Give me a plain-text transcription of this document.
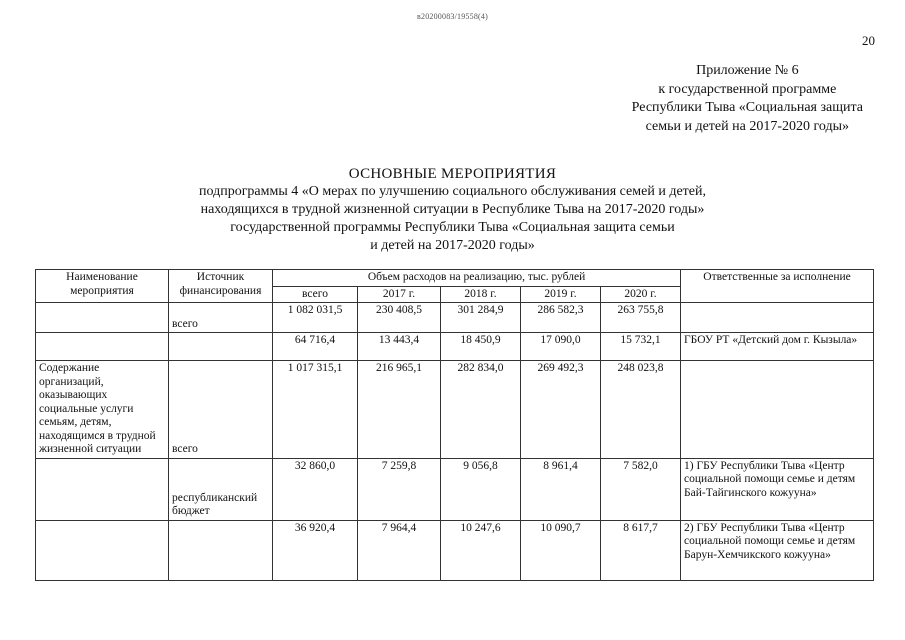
в20200083/19558(4)
20
Приложение № 6
к государственной программе
Республики Тыва «Социальная защита
семьи и детей на 2017-2020 годы»
ОСНОВНЫЕ МЕРОПРИЯТИЯ
подпрограммы 4 «О мерах по улучшению социального обслуживания семей и детей,
находящихся в трудной жизненной ситуации в Республике Тыва на 2017-2020 годы»
государственной программы Республики Тыва «Социальная защита семьи
и детей на 2017-2020 годы»
Наименование мероприятия	Источник финансирования	Объем расходов на реализацию, тыс. рублей					Ответственные за исполнение
		всего	2017 г.	2018 г.	2019 г.	2020 г.	
	всего	1 082 031,5	230 408,5	301 284,9	286 582,3	263 755,8	
		64 716,4	13 443,4	18 450,9	17 090,0	15 732,1	ГБОУ РТ «Детский дом г. Кызыла»
Содержание организаций, оказывающих социальные услуги семьям, детям, находящимся в трудной жизненной ситуации	всего	1 017 315,1	216 965,1	282 834,0	269 492,3	248 023,8	
	республиканский бюджет	32 860,0	7 259,8	9 056,8	8 961,4	7 582,0	1) ГБУ Республики Тыва «Центр социальной помощи семье и детям Бай-Тайгинского кожууна»
		36 920,4	7 964,4	10 247,6	10 090,7	8 617,7	2) ГБУ Республики Тыва «Центр социальной помощи семье и детям Барун-Хемчикского кожууна»
